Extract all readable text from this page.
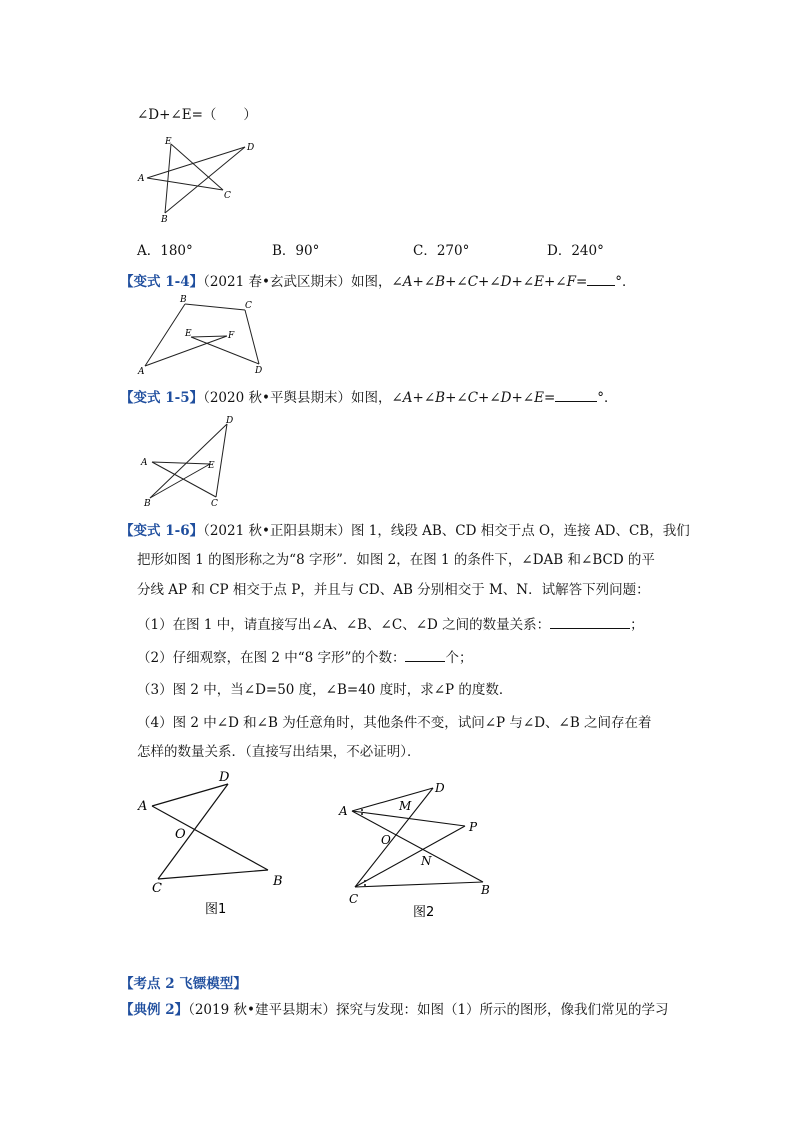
∠D+∠E=（　　）
E
D
A
C
B
A．180°	B．90°	C．270°	D．240°
【变式 1-4】（2021 春•玄武区期末）如图，∠A+∠B+∠C+∠D+∠E+∠F= °．
B
C
E	F
A	D
【变式 1-5】（2020 秋•平舆县期末）如图，∠A+∠B+∠C+∠D+∠E=	°．
D
A	E
B	C
【变式 1-6】（2021 秋•正阳县期末）图 1，线段 AB、CD 相交于点 O，连接 AD、CB，我们
把形如图 1 的图形称之为“8 字形”．如图 2，在图 1 的条件下，∠DAB 和∠BCD 的平
分线 AP 和 CP 相交于点 P，并且与 CD、AB 分别相交于 M、N．试解答下列问题：
（1）在图 1 中，请直接写出∠A、∠B、∠C、∠D 之间的数量关系：	；
（2）仔细观察，在图 2 中“8 字形”的个数：	个；
（3）图 2 中，当∠D=50 度，∠B=40 度时，求∠P 的度数．
（4）图 2 中∠D 和∠B 为任意角时，其他条件不变，试问∠P 与∠D、∠B 之间存在着
怎样的数量关系．（直接写出结果，不必证明）．
D
A
O
C	B
图1
D
A	M
P
O
N
C
B
图2
【考点 2 飞镖模型】
【典例 2】（2019 秋•建平县期末）探究与发现：如图（1）所示的图形，像我们常见的学习
